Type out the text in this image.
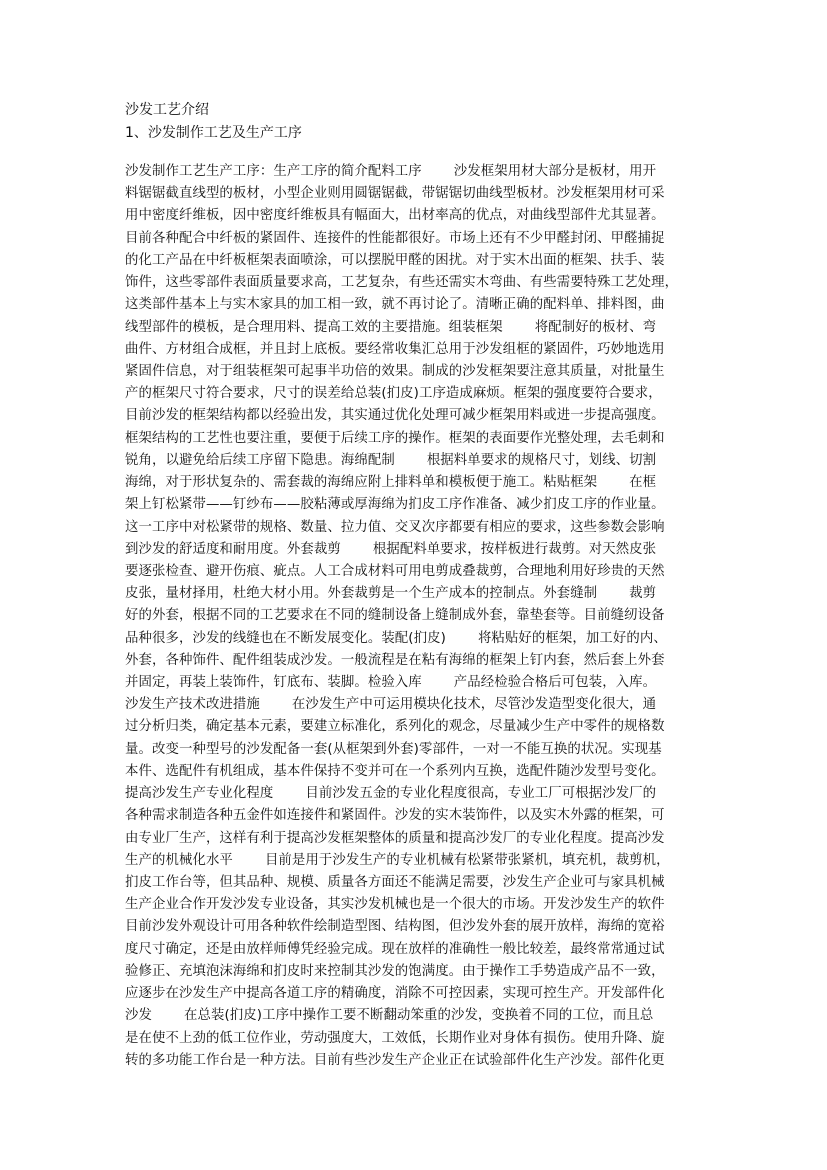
沙发工艺介绍
1、沙发制作工艺及生产工序
沙发制作工艺生产工序：生产工序的简介配料工序 沙发框架用材大部分是板材，用开
料锯锯截直线型的板材，小型企业则用圆锯锯截，带锯锯切曲线型板材。沙发框架用材可采
用中密度纤维板，因中密度纤维板具有幅面大，出材率高的优点，对曲线型部件尤其显著。
目前各种配合中纤板的紧固件、连接件的性能都很好。市场上还有不少甲醛封闭、甲醛捕捉
的化工产品在中纤板框架表面喷涂，可以摆脱甲醛的困扰。对于实木出面的框架、扶手、装
饰件，这些零部件表面质量要求高，工艺复杂，有些还需实木弯曲、有些需要特殊工艺处理，
这类部件基本上与实木家具的加工相一致，就不再讨论了。清晰正确的配料单、排料图，曲
线型部件的模板，是合理用料、提高工效的主要措施。组装框架 将配制好的板材、弯
曲件、方材组合成框，并且封上底板。要经常收集汇总用于沙发组框的紧固件，巧妙地选用
紧固件信息，对于组装框架可起事半功倍的效果。制成的沙发框架要注意其质量，对批量生
产的框架尺寸符合要求，尺寸的误差给总装(扪皮)工序造成麻烦。框架的强度要符合要求，
目前沙发的框架结构都以经验出发，其实通过优化处理可减少框架用料或进一步提高强度。
框架结构的工艺性也要注重，要便于后续工序的操作。框架的表面要作光整处理，去毛刺和
锐角，以避免给后续工序留下隐患。海绵配制 根据料单要求的规格尺寸，划线、切割
海绵，对于形状复杂的、需套裁的海绵应附上排料单和模板便于施工。粘贴框架 在框
架上钉松紧带——钉纱布——胶粘薄或厚海绵为扪皮工序作准备、减少扪皮工序的作业量。
这一工序中对松紧带的规格、数量、拉力值、交叉次序都要有相应的要求，这些参数会影响
到沙发的舒适度和耐用度。外套裁剪 根据配料单要求，按样板进行裁剪。对天然皮张
要逐张检查、避开伤痕、疵点。人工合成材料可用电剪成叠裁剪，合理地利用好珍贵的天然
皮张，量材择用，杜绝大材小用。外套裁剪是一个生产成本的控制点。外套缝制 裁剪
好的外套，根据不同的工艺要求在不同的缝制设备上缝制成外套，靠垫套等。目前缝纫设备
品种很多，沙发的线缝也在不断发展变化。装配(扪皮) 将粘贴好的框架，加工好的内、
外套，各种饰件、配件组装成沙发。一般流程是在粘有海绵的框架上钉内套，然后套上外套
并固定，再装上装饰件，钉底布、装脚。检验入库 产品经检验合格后可包装，入库。
沙发生产技术改进措施 在沙发生产中可运用模块化技术，尽管沙发造型变化很大，通
过分析归类，确定基本元素，要建立标准化，系列化的观念，尽量减少生产中零件的规格数
量。改变一种型号的沙发配备一套(从框架到外套)零部件，一对一不能互换的状况。实现基
本件、选配件有机组成，基本件保持不变并可在一个系列内互换，选配件随沙发型号变化。
提高沙发生产专业化程度 目前沙发五金的专业化程度很高，专业工厂可根据沙发厂的
各种需求制造各种五金件如连接件和紧固件。沙发的实木装饰件，以及实木外露的框架，可
由专业厂生产，这样有利于提高沙发框架整体的质量和提高沙发厂的专业化程度。提高沙发
生产的机械化水平 目前是用于沙发生产的专业机械有松紧带张紧机，填充机，裁剪机，
扪皮工作台等，但其品种、规模、质量各方面还不能满足需要，沙发生产企业可与家具机械
生产企业合作开发沙发专业设备，其实沙发机械也是一个很大的市场。开发沙发生产的软件
目前沙发外观设计可用各种软件绘制造型图、结构图，但沙发外套的展开放样，海绵的宽裕
度尺寸确定，还是由放样师傅凭经验完成。现在放样的准确性一般比较差，最终常常通过试
验修正、充填泡沫海绵和扪皮时来控制其沙发的饱满度。由于操作工手势造成产品不一致，
应逐步在沙发生产中提高各道工序的精确度，消除不可控因素，实现可控生产。开发部件化
沙发 在总装(扪皮)工序中操作工要不断翻动笨重的沙发，变换着不同的工位，而且总
是在使不上劲的低工位作业，劳动强度大，工效低，长期作业对身体有损伤。使用升降、旋
转的多功能工作台是一种方法。目前有些沙发生产企业正在试验部件化生产沙发。部件化更
